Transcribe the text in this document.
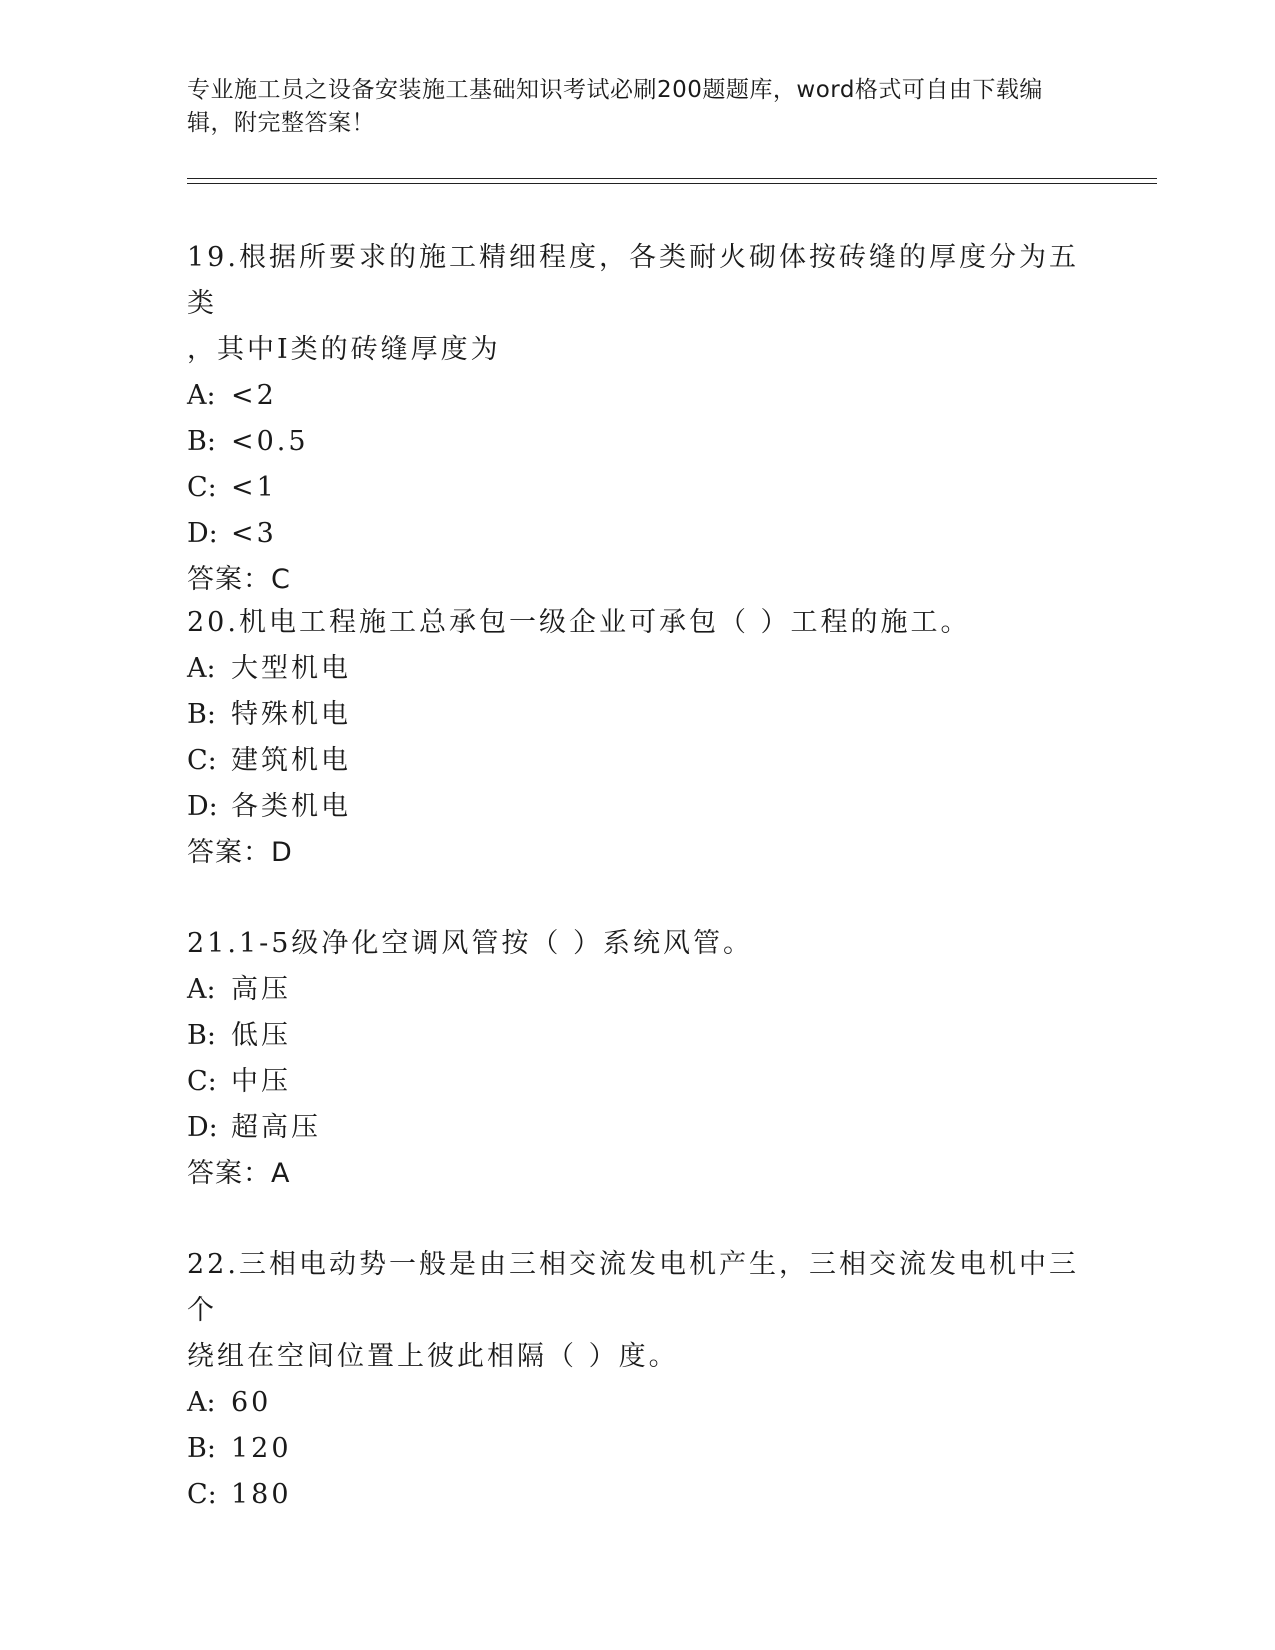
专业施工员之设备安装施工基础知识考试必刷200题题库，word格式可自由下载编辑，附完整答案！
19.根据所要求的施工精细程度，各类耐火砌体按砖缝的厚度分为五类
，其中Ⅰ类的砖缝厚度为
A: <2
B: <0.5
C: <1
D: <3
答案：C
20.机电工程施工总承包一级企业可承包（ ）工程的施工。
A: 大型机电
B: 特殊机电
C: 建筑机电
D: 各类机电
答案：D
21.1-5级净化空调风管按（ ）系统风管。
A: 高压
B: 低压
C: 中压
D: 超高压
答案：A
22.三相电动势一般是由三相交流发电机产生，三相交流发电机中三个
绕组在空间位置上彼此相隔（ ）度。
A: 60
B: 120
C: 180
